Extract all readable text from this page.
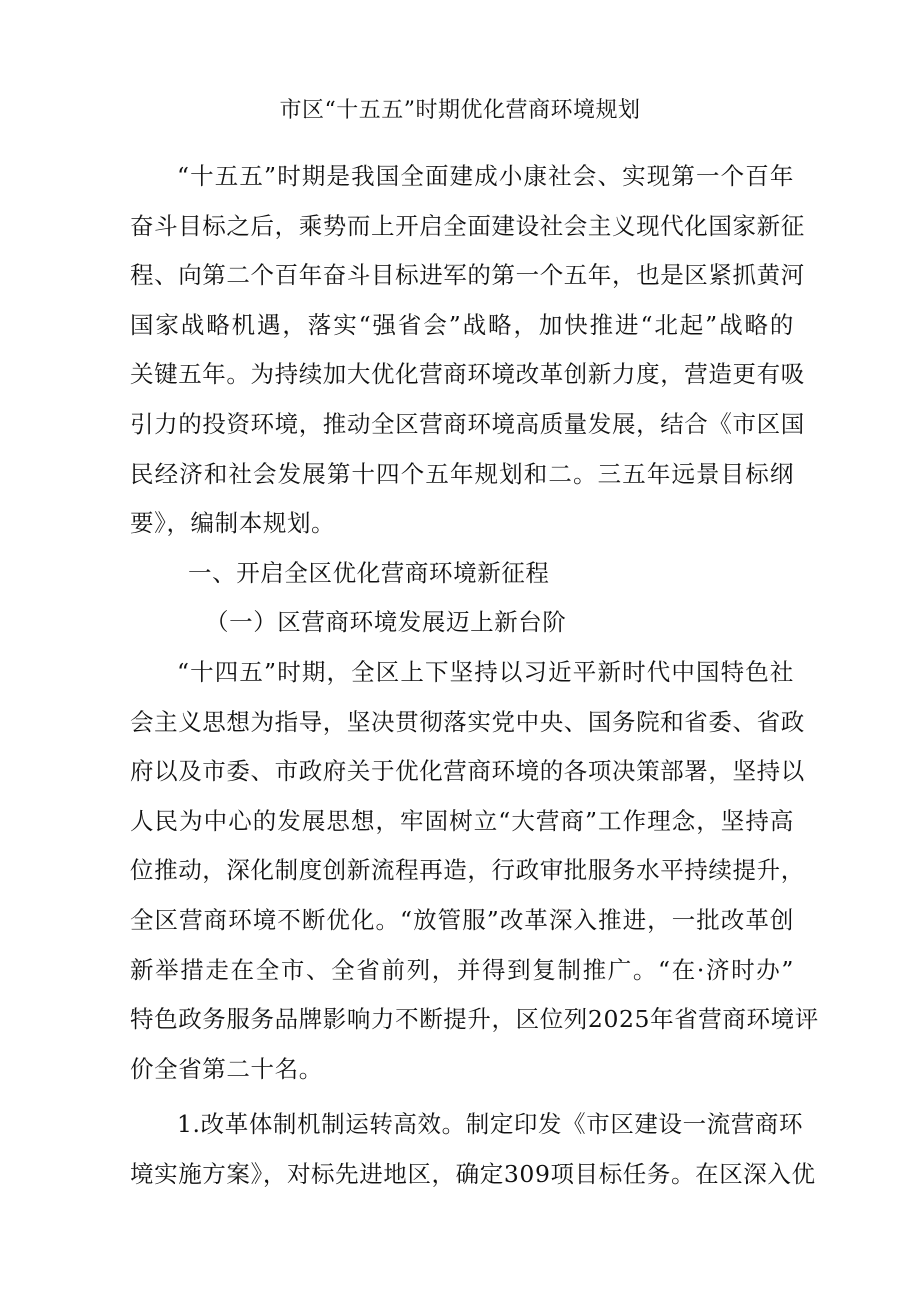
市区“十五五”时期优化营商环境规划
“十五五”时期是我国全面建成小康社会、实现第一个百年
奋斗目标之后，乘势而上开启全面建设社会主义现代化国家新征
程、向第二个百年奋斗目标进军的第一个五年，也是区紧抓黄河
国家战略机遇，落实“强省会”战略，加快推进“北起”战略的
关键五年。为持续加大优化营商环境改革创新力度，营造更有吸
引力的投资环境，推动全区营商环境高质量发展，结合《市区国
民经济和社会发展第十四个五年规划和二。三五年远景目标纲
要》，编制本规划。
一、开启全区优化营商环境新征程
（一）区营商环境发展迈上新台阶
“十四五”时期，全区上下坚持以习近平新时代中国特色社
会主义思想为指导，坚决贯彻落实党中央、国务院和省委、省政
府以及市委、市政府关于优化营商环境的各项决策部署，坚持以
人民为中心的发展思想，牢固树立“大营商”工作理念，坚持高
位推动，深化制度创新流程再造，行政审批服务水平持续提升，
全区营商环境不断优化。“放管服”改革深入推进，一批改革创
新举措走在全市、全省前列，并得到复制推广。“在·济时办”
特色政务服务品牌影响力不断提升，区位列2025年省营商环境评
价全省第二十名。
1.改革体制机制运转高效。制定印发《市区建设一流营商环
境实施方案》，对标先进地区，确定309项目标任务。在区深入优
